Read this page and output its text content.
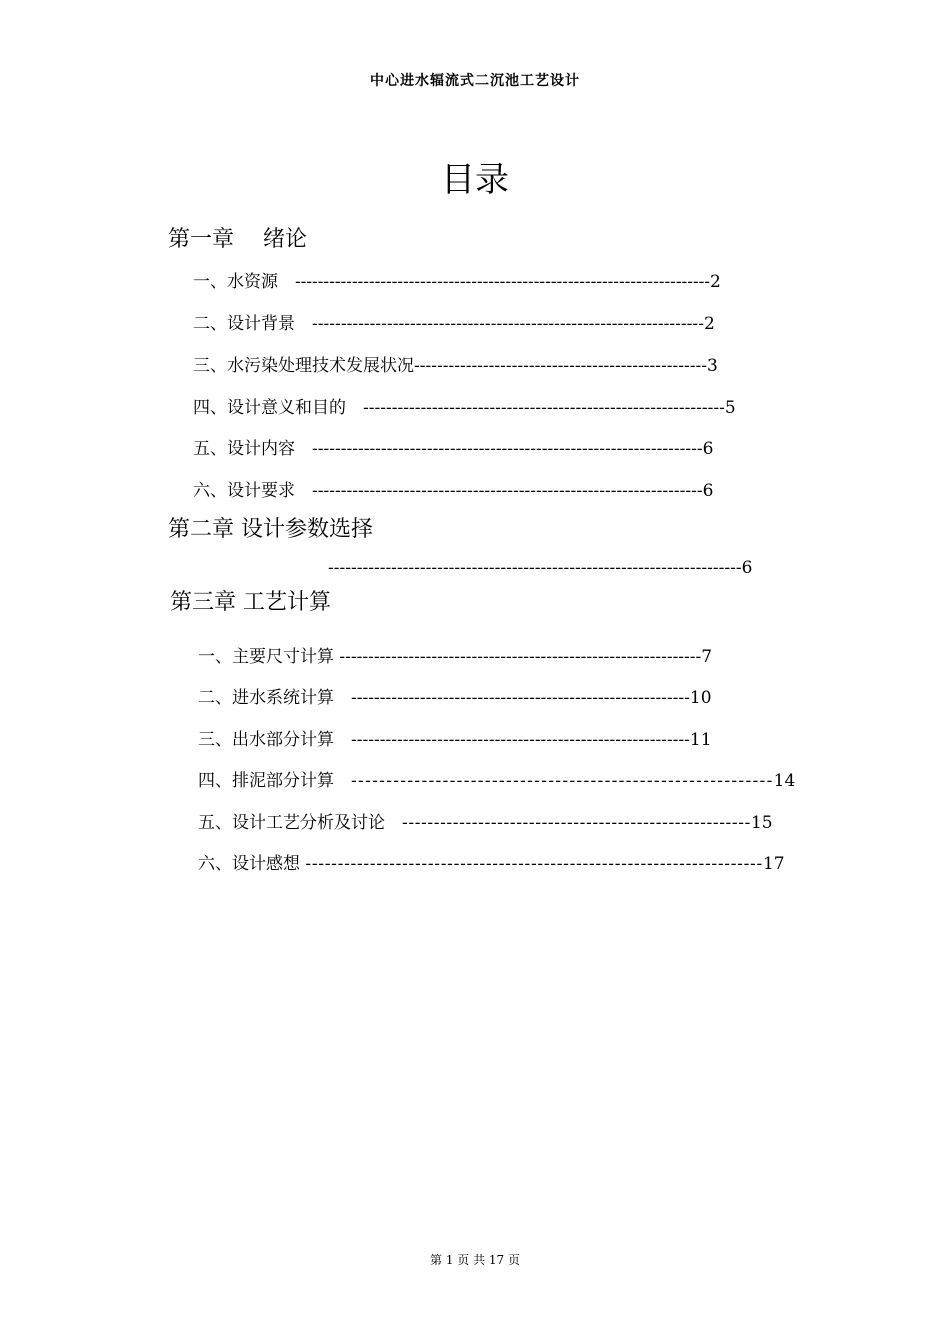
中心进水辐流式二沉池工艺设计
目录
第一章　 绪论
一、水资源　-------------------------------------------------------------------------2
二、设计背景　--------------------------------------------------------------------2
三、水污染处理技术发展状况---------------------------------------------------3
四、设计意义和目的　---------------------------------------------------------------5
五、设计内容　--------------------------------------------------------------------6
六、设计要求　--------------------------------------------------------------------6
第二章 设计参数选择
------------------------------------------------------------------------6
第三章 工艺计算
一、主要尺寸计算 ---------------------------------------------------------------7
二、进水系统计算　-----------------------------------------------------------10
三、出水部分计算　-----------------------------------------------------------11
四、排泥部分计算　------------------------------------------------------------14
五、设计工艺分析及讨论　-------------------------------------------------------15
六、设计感想 -----------------------------------------------------------------------17
第 1 页 共 17 页
